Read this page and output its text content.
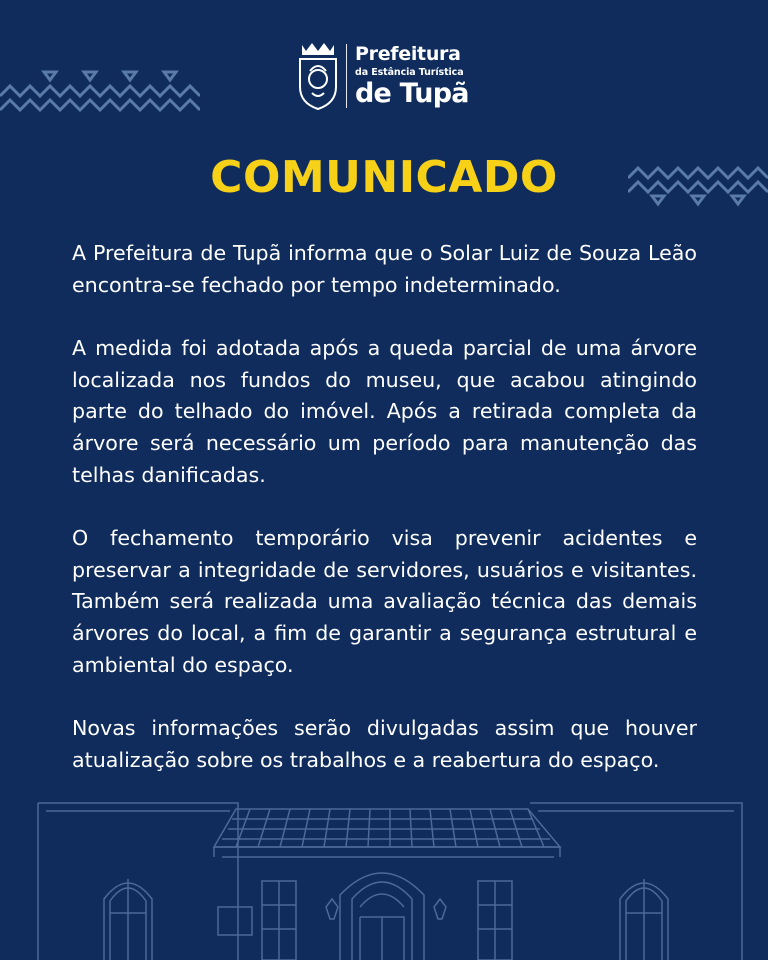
Prefeitura
da Estância Turística
de Tupã
COMUNICADO

A Prefeitura de Tupã informa que o Solar Luiz de Souza Leão encontra-se fechado por tempo indeterminado.

A medida foi adotada após a queda parcial de uma árvore localizada nos fundos do museu, que acabou atingindo parte do telhado do imóvel. Após a retirada completa da árvore será necessário um período para manutenção das telhas danificadas.

O fechamento temporário visa prevenir acidentes e preservar a integridade de servidores, usuários e visitantes. Também será realizada uma avaliação técnica das demais árvores do local, a fim de garantir a segurança estrutural e ambiental do espaço.

Novas informações serão divulgadas assim que houver atualização sobre os trabalhos e a reabertura do espaço.
